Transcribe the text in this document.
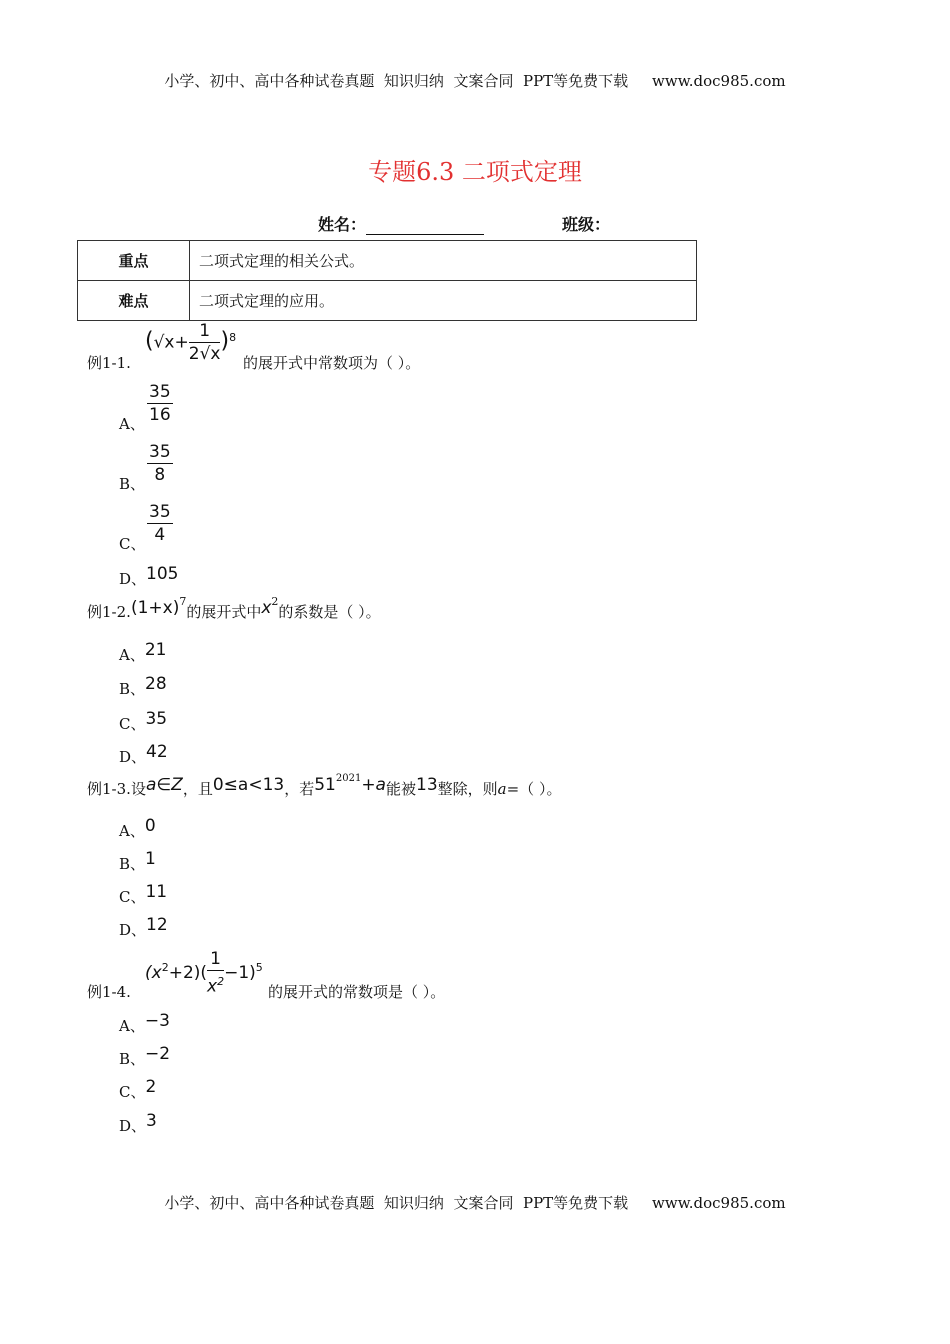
小学、初中、高中各种试卷真题  知识归纳  文案合同  PPT等免费下载     www.doc985.com
专题6.3 二项式定理
姓名：	班级：
重点	二项式定理的相关公式。
难点	二项式定理的应用。
例1-1.
$(√x+ \frac{1}{2√x} )^8$
的展开式中常数项为（ ）。
A、 $\frac{35}{16}$
B、 $\frac{35}{8}$
C、 $\frac{35}{4}$
D、105
例$1-2.(1+x)^7$的展开式中$x^2$的系数是（ ）。
A、21
B、28
C、35
D、42
例1-3.设a∈Z，且0≤a<13，若$51^{2021}+a$能被13整除，则a=（ ）。
A、0
B、1
C、11
D、12
例1-4.
$(x^2+2)( \frac{1}{x^2} -1)^5$
的展开式的常数项是（ ）。
A、−3
B、−2
C、2
D、3
小学、初中、高中各种试卷真题  知识归纳  文案合同  PPT等免费下载     www.doc985.com
